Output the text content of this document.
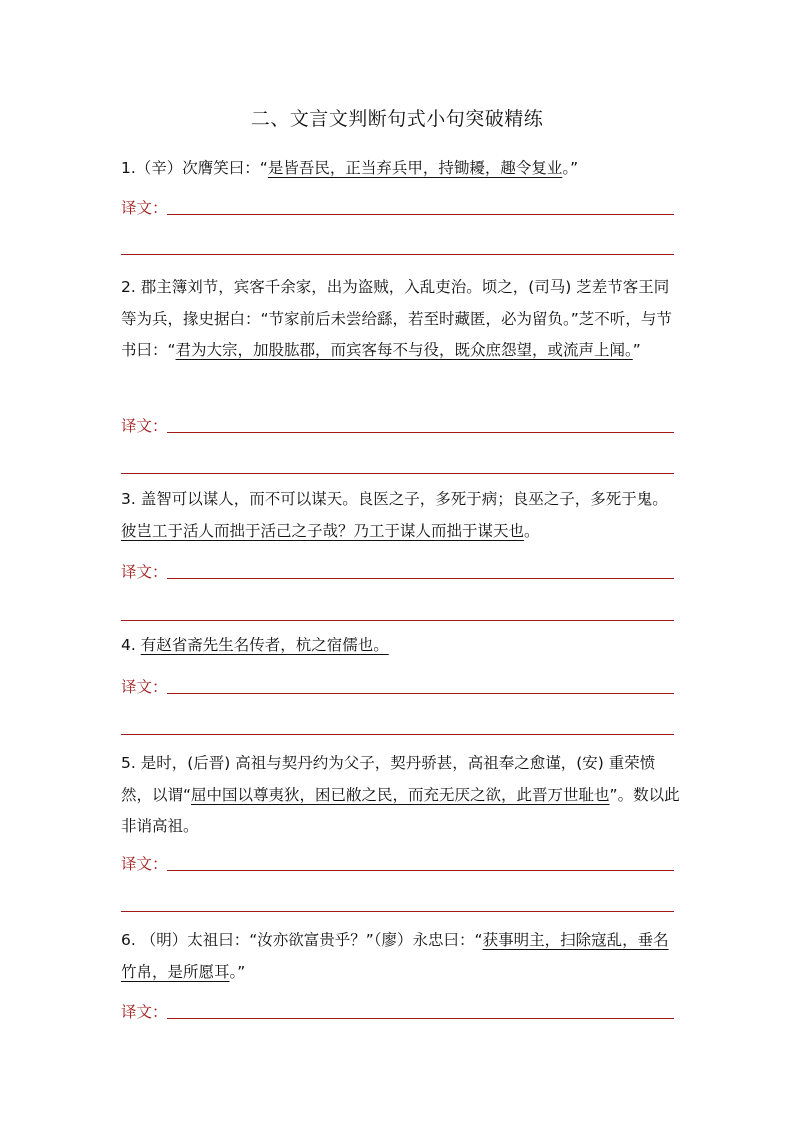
二、文言文判断句式小句突破精练
1.（辛）次膺笑曰：“是皆吾民，正当弃兵甲，持锄耰，趣令复业。”
译文：
2. 郡主簿刘节，宾客千余家，出为盗贼，入乱吏治。顷之，(司马) 芝差节客王同等为兵，掾史据白：“节家前后未尝给繇，若至时藏匿，必为留负。”芝不听，与节书曰：“君为大宗，加股肱郡，而宾客每不与役，既众庶怨望，或流声上闻。”
译文：
3. 盖智可以谋人，而不可以谋天。良医之子，多死于病；良巫之子，多死于鬼。彼岂工于活人而拙于活己之子哉？乃工于谋人而拙于谋天也。
译文：
4. 有赵省斋先生名传者，杭之宿儒也。
译文：
5. 是时，(后晋) 高祖与契丹约为父子，契丹骄甚，高祖奉之愈谨，(安) 重荣愤然，以谓“屈中国以尊夷狄，困已敝之民，而充无厌之欲，此晋万世耻也”。数以此非诮高祖。
译文：
6. （明）太祖曰：“汝亦欲富贵乎？”（廖）永忠曰：“获事明主，扫除寇乱，垂名竹帛，是所愿耳。”
译文：
